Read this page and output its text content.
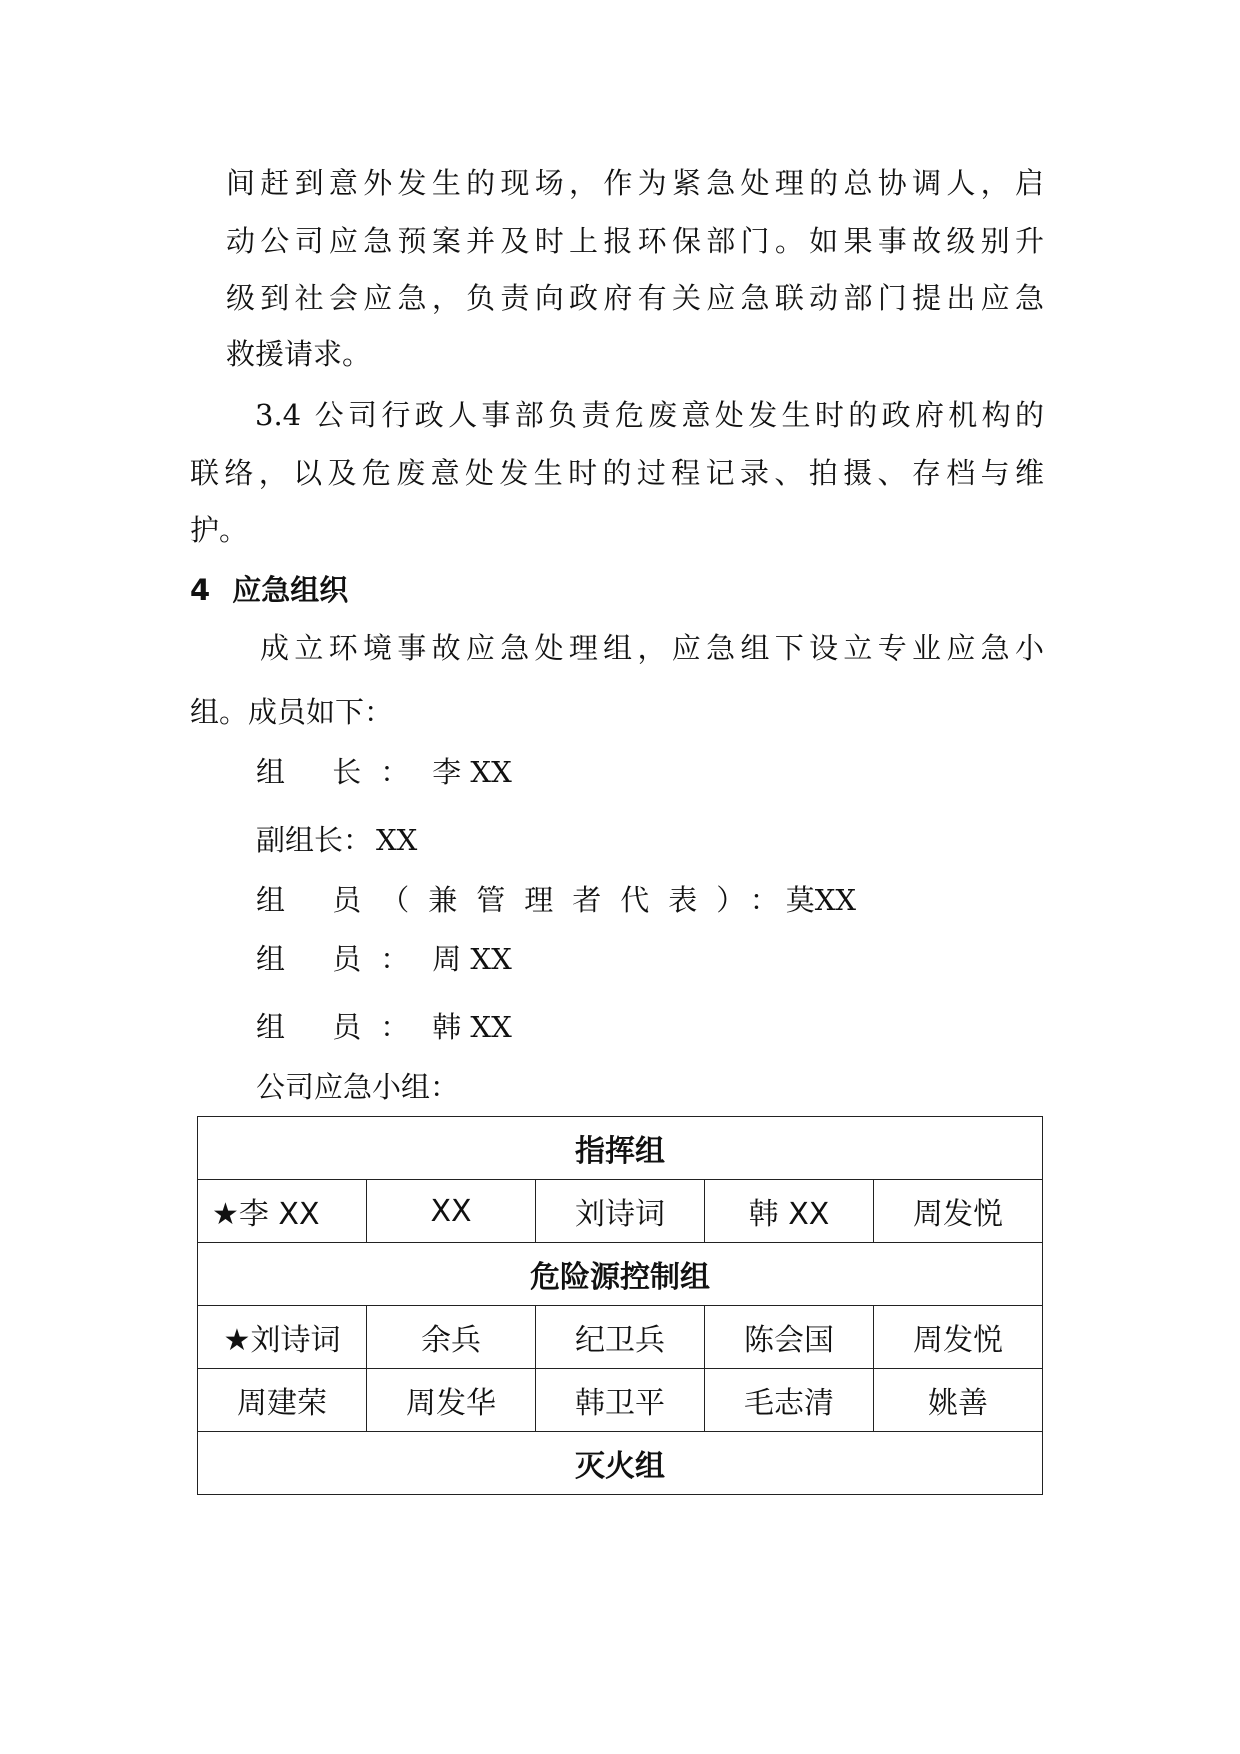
间赶到意外发生的现场，作为紧急处理的总协调人，启
动公司应急预案并及时上报环保部门。如果事故级别升
级到社会应急，负责向政府有关应急联动部门提出应急
救援请求。
3.4 公司行政人事部负责危废意处发生时的政府机构的
联络，以及危废意处发生时的过程记录、拍摄、存档与维
护。
4 应急组织
成立环境事故应急处理组，应急组下设立专业应急小
组。成员如下：
组 长： 李 XX
副组长：XX
组 员（兼管理者代表）：莫XX
组 员： 周 XX
组 员： 韩 XX
公司应急小组：
指挥组				
★李 XX	XX	刘诗词	韩 XX	周发悦
危险源控制组				
★刘诗词	余兵	纪卫兵	陈会国	周发悦
周建荣	周发华	韩卫平	毛志清	姚善
灭火组				
